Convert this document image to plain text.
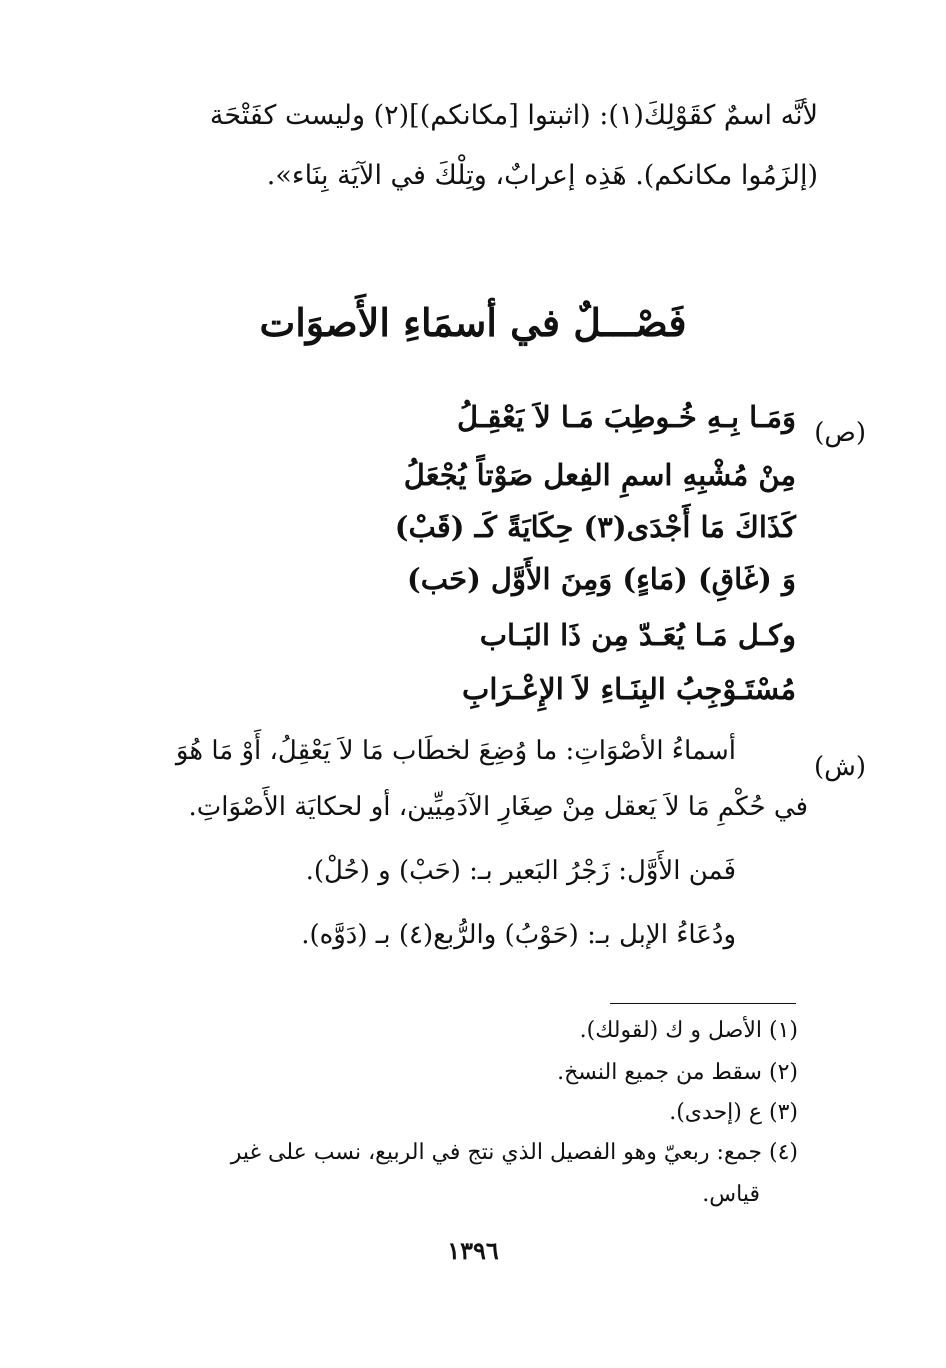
لأنَّه اسمٌ كقَوْلِكَ(١): (اثبتوا [مكانكم)](٢) وليست كفَتْحَة
(إلزَمُوا مكانكم). هَذِه إعرابٌ، وتِلْكَ في الآيَة بِنَاء».
فَصْـــلٌ في أسمَاءِ الأَصوَات
(ص)
وَمَـا بِـهِ خُـوطِبَ مَـا لاَ يَعْقِـلُ
مِنْ مُشْبِهِ اسمِ الفِعل صَوْتاً يُجْعَلُ
كَذَاكَ مَا أَجْدَى(٣) حِكَايَةً كَـ (قَبْ)
وَ (غَاقِ) (مَاءٍ) وَمِنَ الأَوَّل (حَب)
وكـل مَـا يُعَـدّ مِن ذَا البَـاب
مُسْتَـوْجِبُ البِنَـاءِ لاَ الإِعْـرَابِ
(ش)
أسماءُ الأصْوَاتِ: ما وُضِعَ لخطَاب مَا لاَ يَعْقِلُ، أَوْ مَا هُوَ
في حُكْمِ مَا لاَ يَعقل مِنْ صِغَارِ الآدَمِيِّين، أو لحكايَة الأَصْوَاتِ.
فَمن الأَوَّل: زَجْرُ البَعير بـ: (حَبْ) و (حُلْ).
ودُعَاءُ الإبل بـ: (حَوْبُ) والرُّبع(٤) بـ (دَوَّه).
(١) الأصل و ك (لقولك).
(٢) سقط من جميع النسخ.
(٣) ع (إحدى).
(٤) جمع: ربعيّ وهو الفصيل الذي نتج في الربيع، نسب على غير
قياس.
١٣٩٦
